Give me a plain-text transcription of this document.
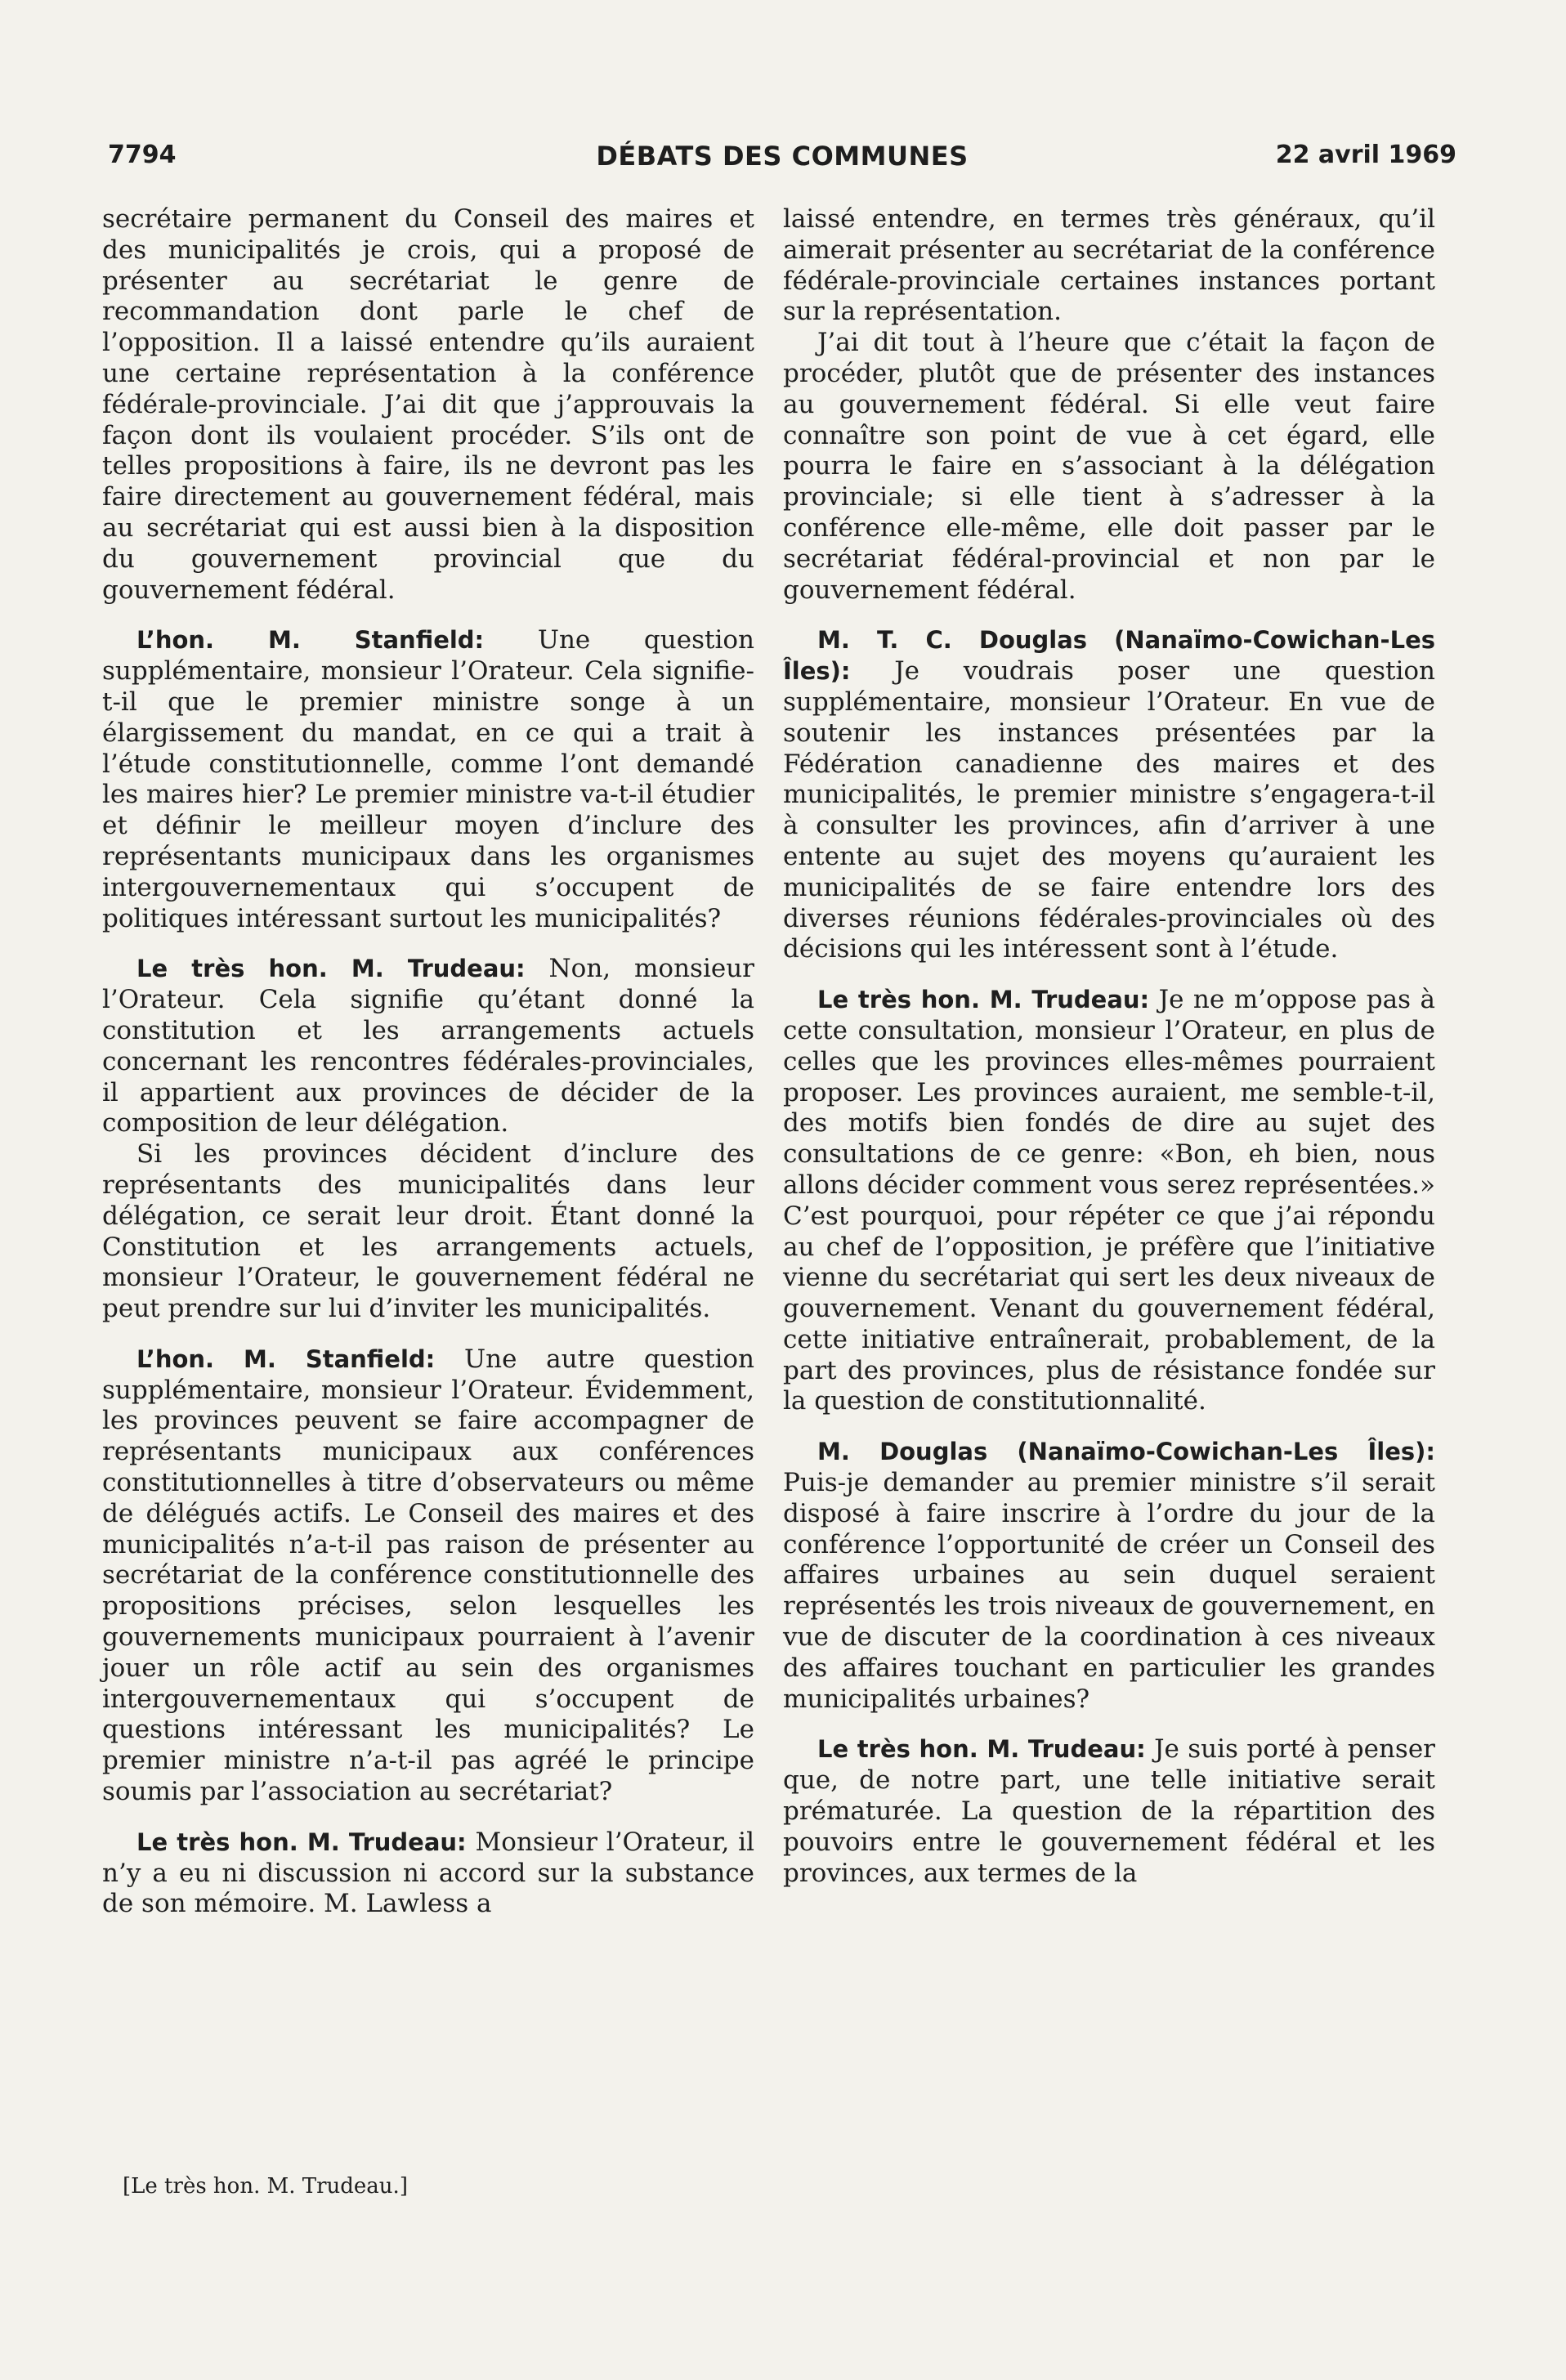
7794	DÉBATS DES COMMUNES	22 avril 1969

secrétaire permanent du Conseil des maires et des municipalités je crois, qui a proposé de présenter au secrétariat le genre de recommandation dont parle le chef de l’opposition. Il a laissé entendre qu’ils auraient une certaine représentation à la conférence fédérale-provinciale. J’ai dit que j’approuvais la façon dont ils voulaient procéder. S’ils ont de telles propositions à faire, ils ne devront pas les faire directement au gouvernement fédéral, mais au secrétariat qui est aussi bien à la disposition du gouvernement provincial que du gouvernement fédéral.

L’hon. M. Stanfield: Une question supplémentaire, monsieur l’Orateur. Cela signifie-t-il que le premier ministre songe à un élargissement du mandat, en ce qui a trait à l’étude constitutionnelle, comme l’ont demandé les maires hier? Le premier ministre va-t-il étudier et définir le meilleur moyen d’inclure des représentants municipaux dans les organismes intergouvernementaux qui s’occupent de politiques intéressant surtout les municipalités?

Le très hon. M. Trudeau: Non, monsieur l’Orateur. Cela signifie qu’étant donné la constitution et les arrangements actuels concernant les rencontres fédérales-provinciales, il appartient aux provinces de décider de la composition de leur délégation.

Si les provinces décident d’inclure des représentants des municipalités dans leur délégation, ce serait leur droit. Étant donné la Constitution et les arrangements actuels, monsieur l’Orateur, le gouvernement fédéral ne peut prendre sur lui d’inviter les municipalités.

L’hon. M. Stanfield: Une autre question supplémentaire, monsieur l’Orateur. Évidemment, les provinces peuvent se faire accompagner de représentants municipaux aux conférences constitutionnelles à titre d’observateurs ou même de délégués actifs. Le Conseil des maires et des municipalités n’a-t-il pas raison de présenter au secrétariat de la conférence constitutionnelle des propositions précises, selon lesquelles les gouvernements municipaux pourraient à l’avenir jouer un rôle actif au sein des organismes intergouvernementaux qui s’occupent de questions intéressant les municipalités? Le premier ministre n’a-t-il pas agréé le principe soumis par l’association au secrétariat?

Le très hon. M. Trudeau: Monsieur l’Orateur, il n’y a eu ni discussion ni accord sur la substance de son mémoire. M. Lawless a

laissé entendre, en termes très généraux, qu’il aimerait présenter au secrétariat de la conférence fédérale-provinciale certaines instances portant sur la représentation.

J’ai dit tout à l’heure que c’était la façon de procéder, plutôt que de présenter des instances au gouvernement fédéral. Si elle veut faire connaître son point de vue à cet égard, elle pourra le faire en s’associant à la délégation provinciale; si elle tient à s’adresser à la conférence elle-même, elle doit passer par le secrétariat fédéral-provincial et non par le gouvernement fédéral.

M. T. C. Douglas (Nanaïmo-Cowichan-Les Îles): Je voudrais poser une question supplémentaire, monsieur l’Orateur. En vue de soutenir les instances présentées par la Fédération canadienne des maires et des municipalités, le premier ministre s’engagera-t-il à consulter les provinces, afin d’arriver à une entente au sujet des moyens qu’auraient les municipalités de se faire entendre lors des diverses réunions fédérales-provinciales où des décisions qui les intéressent sont à l’étude.

Le très hon. M. Trudeau: Je ne m’oppose pas à cette consultation, monsieur l’Orateur, en plus de celles que les provinces elles-mêmes pourraient proposer. Les provinces auraient, me semble-t-il, des motifs bien fondés de dire au sujet des consultations de ce genre: «Bon, eh bien, nous allons décider comment vous serez représentées.» C’est pourquoi, pour répéter ce que j’ai répondu au chef de l’opposition, je préfère que l’initiative vienne du secrétariat qui sert les deux niveaux de gouvernement. Venant du gouvernement fédéral, cette initiative entraînerait, probablement, de la part des provinces, plus de résistance fondée sur la question de constitutionnalité.

M. Douglas (Nanaïmo-Cowichan-Les Îles): Puis-je demander au premier ministre s’il serait disposé à faire inscrire à l’ordre du jour de la conférence l’opportunité de créer un Conseil des affaires urbaines au sein duquel seraient représentés les trois niveaux de gouvernement, en vue de discuter de la coordination à ces niveaux des affaires touchant en particulier les grandes municipalités urbaines?

Le très hon. M. Trudeau: Je suis porté à penser que, de notre part, une telle initiative serait prématurée. La question de la répartition des pouvoirs entre le gouvernement fédéral et les provinces, aux termes de la

[Le très hon. M. Trudeau.]
